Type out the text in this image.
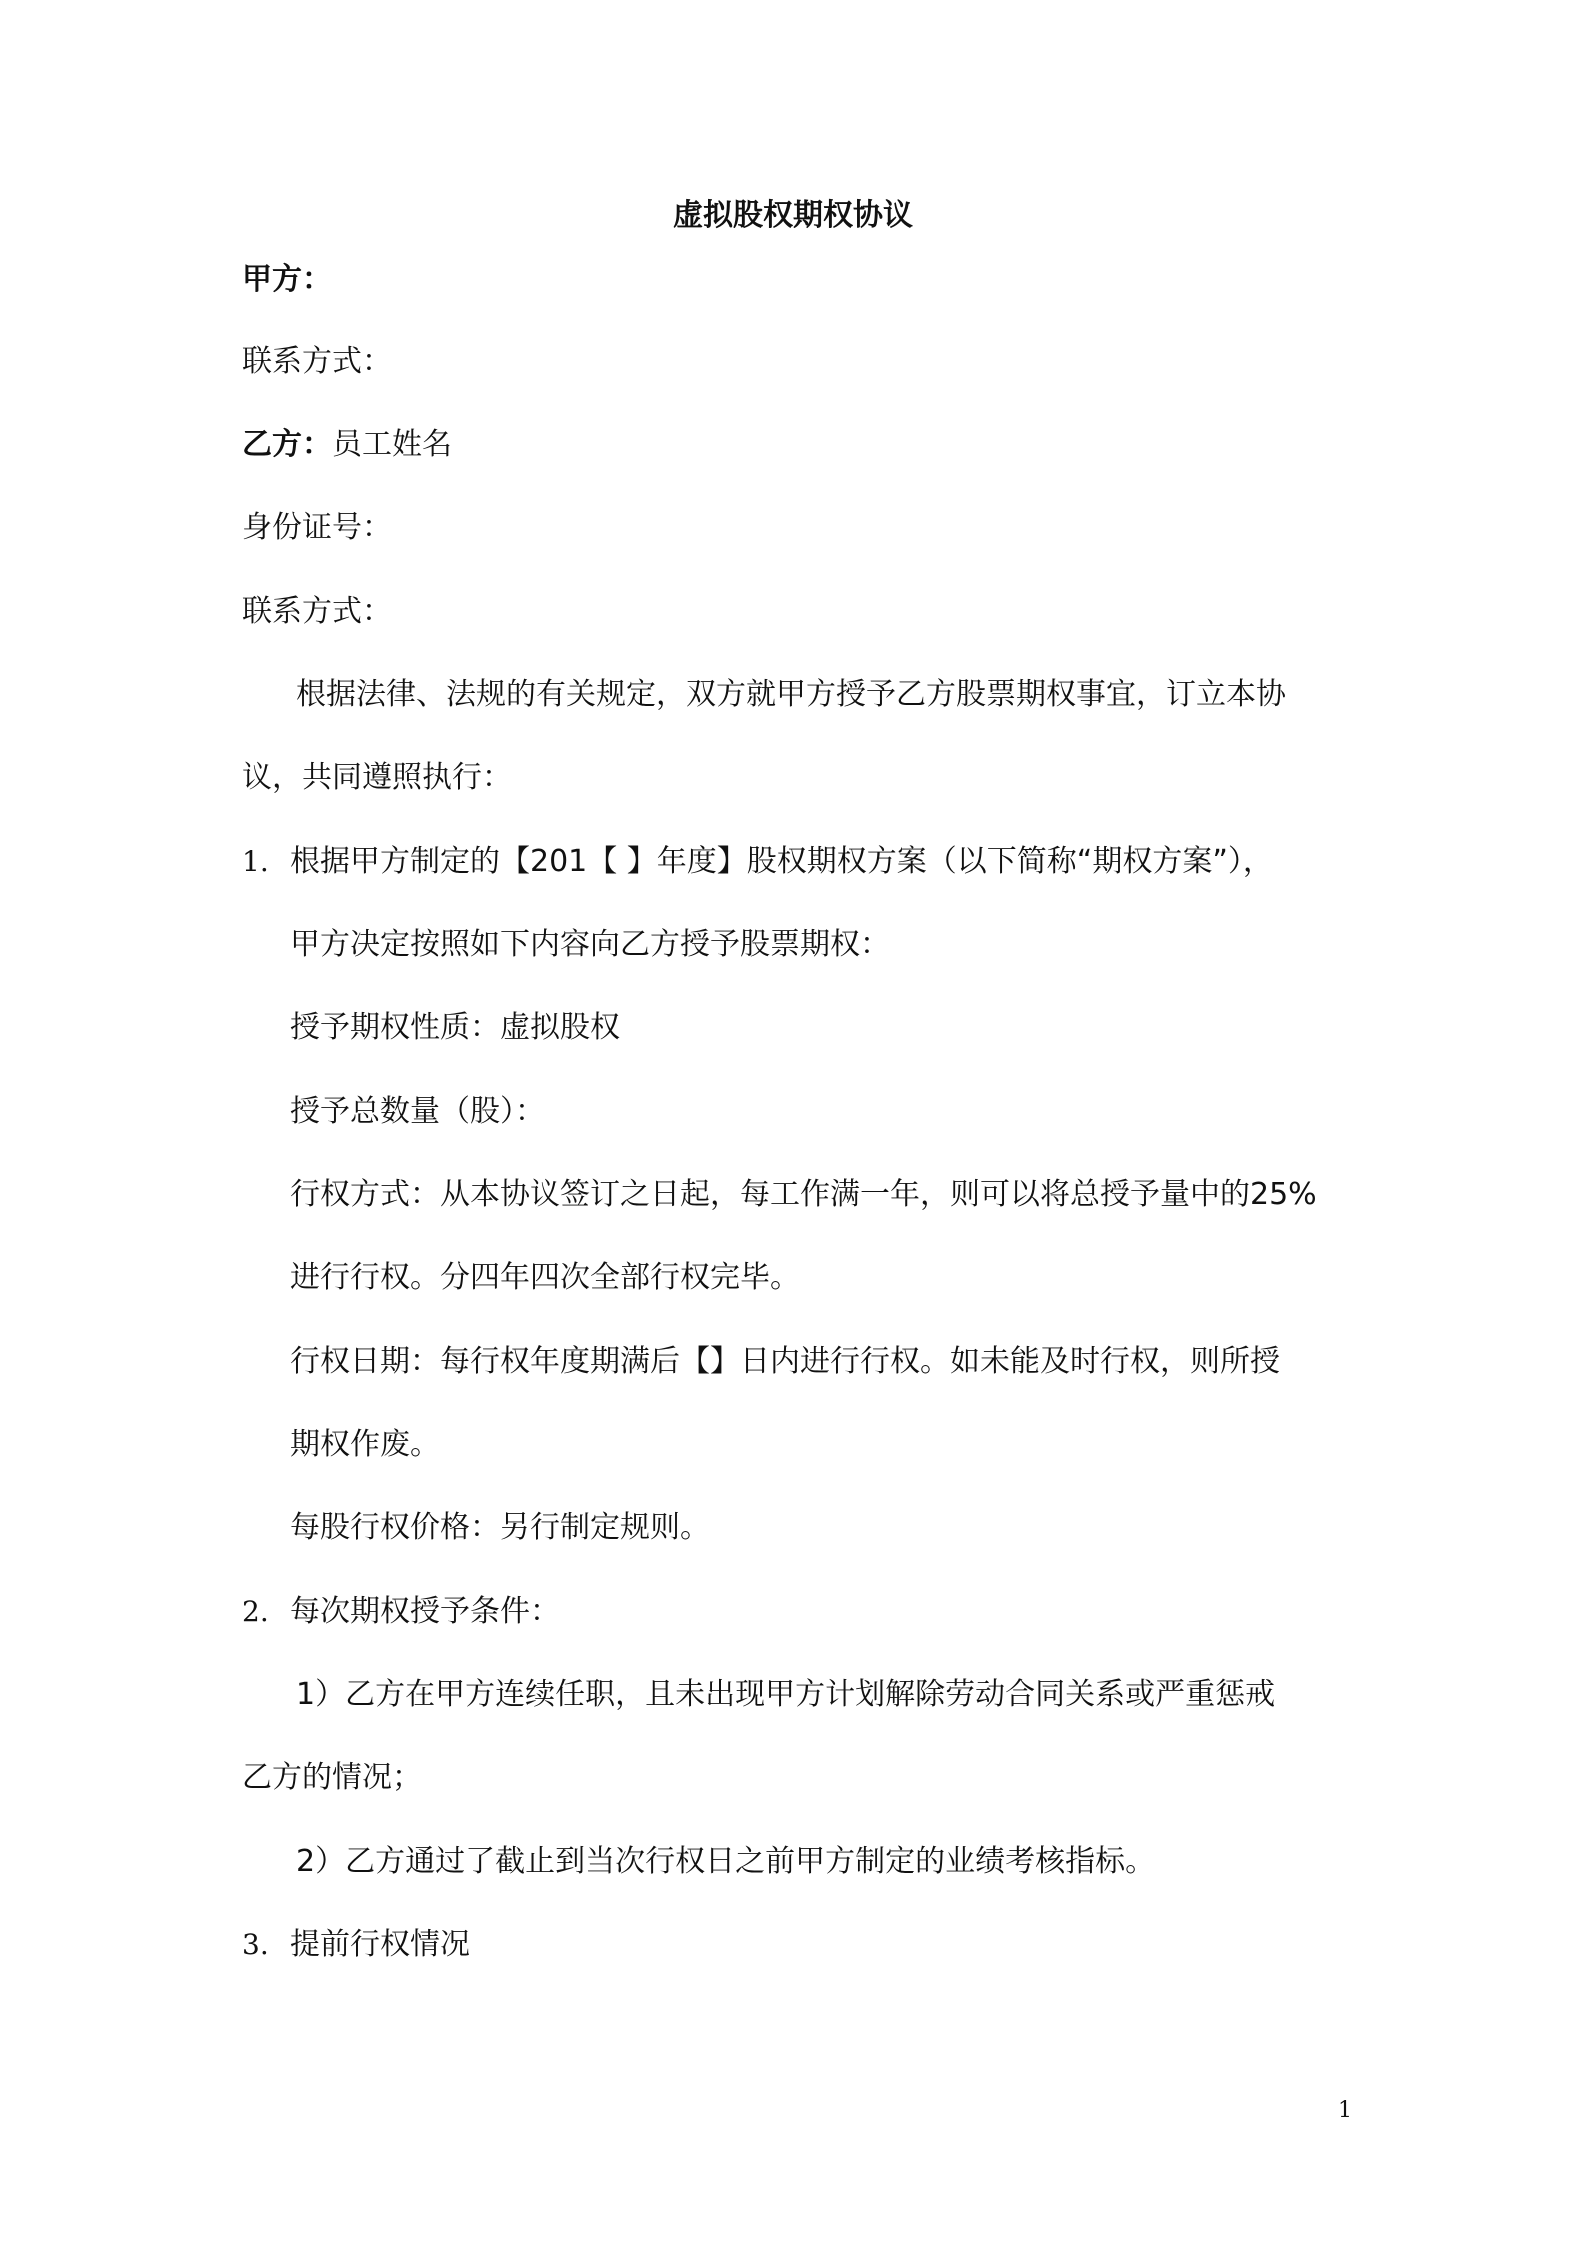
虚拟股权期权协议
甲方：
联系方式：
乙方：员工姓名
身份证号：
联系方式：
根据法律、法规的有关规定，双方就甲方授予乙方股票期权事宜，订立本协
议，共同遵照执行：
1. 根据甲方制定的【201【 】年度】股权期权方案（以下简称“期权方案”），
甲方决定按照如下内容向乙方授予股票期权：
授予期权性质：虚拟股权
授予总数量（股）：
行权方式：从本协议签订之日起，每工作满一年，则可以将总授予量中的25%
进行行权。分四年四次全部行权完毕。
行权日期：每行权年度期满后【】日内进行行权。如未能及时行权，则所授
期权作废。
每股行权价格：另行制定规则。
2. 每次期权授予条件：
1）乙方在甲方连续任职，且未出现甲方计划解除劳动合同关系或严重惩戒
乙方的情况；
2）乙方通过了截止到当次行权日之前甲方制定的业绩考核指标。
3. 提前行权情况
1
